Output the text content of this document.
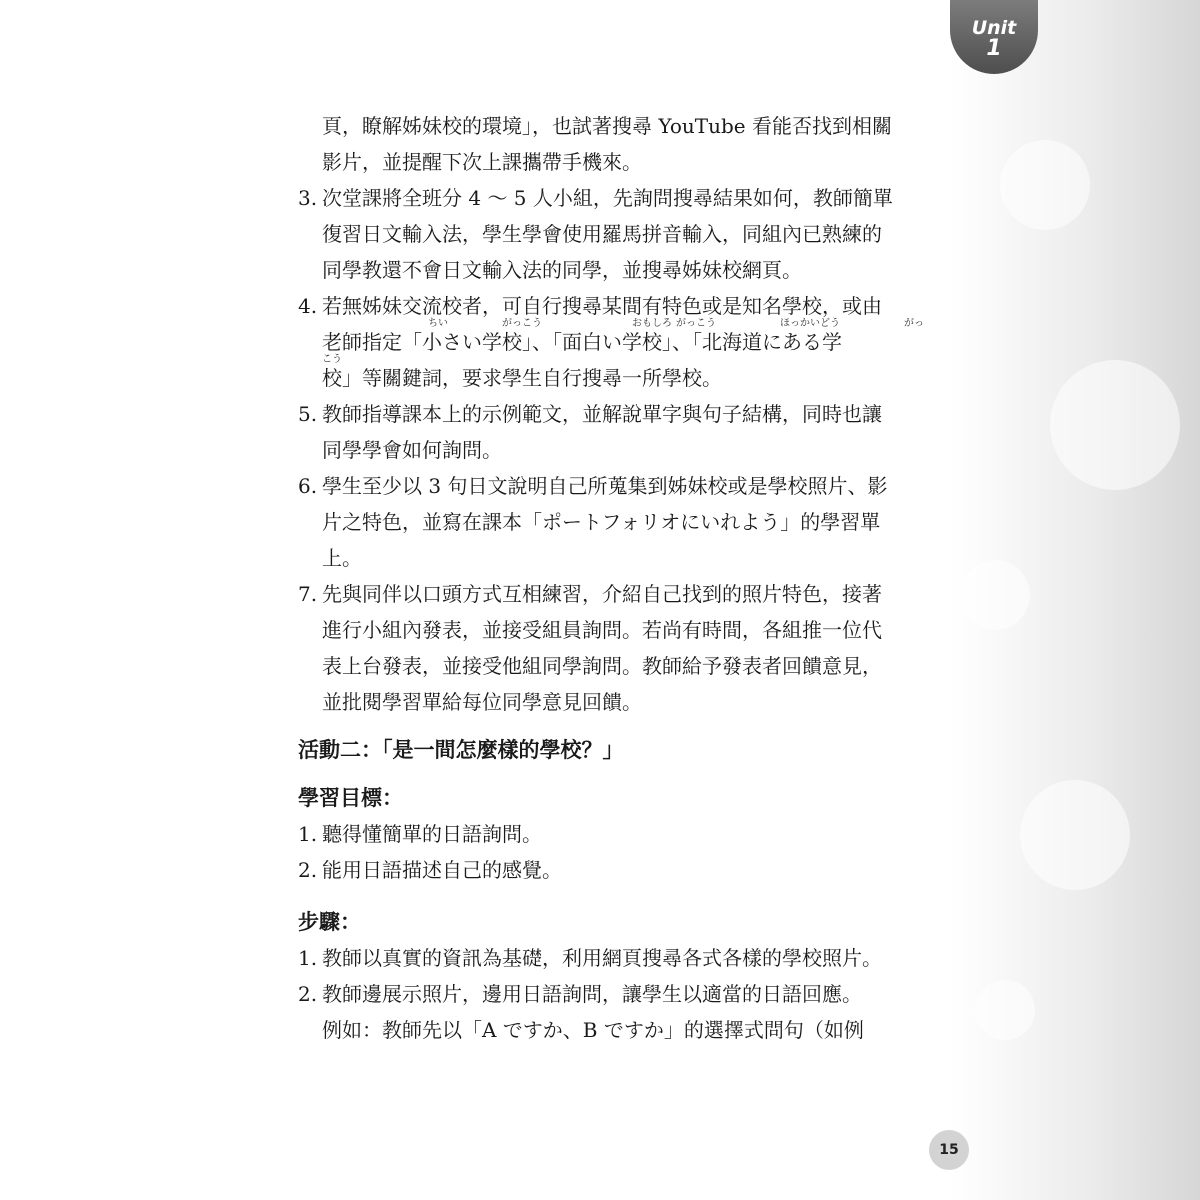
Unit
1
頁，瞭解姊妹校的環境」，也試著搜尋 YouTube 看能否找到相關
影片，並提醒下次上課攜帶手機來。
3. 次堂課將全班分 4 ～ 5 人小組，先詢問搜尋結果如何，教師簡單
復習日文輸入法，學生學會使用羅馬拼音輸入，同組內已熟練的
同學教還不會日文輸入法的同學，並搜尋姊妹校網頁。
4. 若無姊妹交流校者，可自行搜尋某間有特色或是知名學校，或由
ちい	がっこう	おもしろ がっこう	ほっかいどう	がっ
老師指定「小さい学校」、「面白い学校」、「北海道にある学
こう
校」等關鍵詞，要求學生自行搜尋一所學校。
5. 教師指導課本上的示例範文，並解說單字與句子結構，同時也讓
同學學會如何詢問。
6. 學生至少以 3 句日文說明自己所蒐集到姊妹校或是學校照片、影
片之特色，並寫在課本「ポートフォリオにいれよう」的學習單
上。
7. 先與同伴以口頭方式互相練習，介紹自己找到的照片特色，接著
進行小組內發表，並接受組員詢問。若尚有時間，各組推一位代
表上台發表，並接受他組同學詢問。教師給予發表者回饋意見，
並批閱學習單給每位同學意見回饋。
活動二：「是一間怎麼樣的學校？」
學習目標：
1. 聽得懂簡單的日語詢問。
2. 能用日語描述自己的感覺。
步驟：
1. 教師以真實的資訊為基礎，利用網頁搜尋各式各樣的學校照片。
2. 教師邊展示照片，邊用日語詢問，讓學生以適當的日語回應。
例如：教師先以「A ですか、B ですか」的選擇式問句（如例
15
